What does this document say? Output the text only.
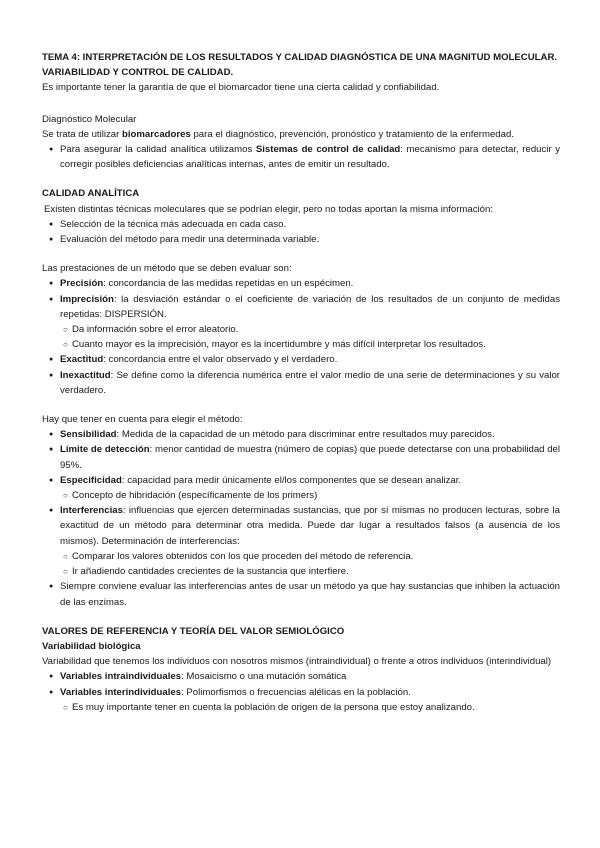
TEMA 4: INTERPRETACIÓN DE LOS RESULTADOS Y CALIDAD DIAGNÓSTICA DE UNA MAGNITUD MOLECULAR.
VARIABILIDAD Y CONTROL DE CALIDAD.

Es importante tener la garantía de que el biomarcador tiene una cierta calidad y confiabilidad.

Diagnóstico Molecular

Se trata de utilizar biomarcadores para el diagnóstico, prevención, pronóstico y tratamiento de la enfermedad.

● Para asegurar la calidad analítica utilizamos Sistemas de control de calidad: mecanismo para detectar, reducir y corregir posibles deficiencias analíticas internas, antes de emitir un resultado.

CALIDAD ANALÍTICA

Existen distintas técnicas moleculares que se podrían elegir, pero no todas aportan la misma información:

● Selección de la técnica más adecuada en cada caso.
● Evaluación del método para medir una determinada variable.

Las prestaciones de un método que se deben evaluar son:

● Precisión: concordancia de las medidas repetidas en un espécimen.
● Imprecisión: la desviación estándar o el coeficiente de variación de los resultados de un conjunto de medidas repetidas: DISPERSIÓN.
○ Da información sobre el error aleatorio.
○ Cuanto mayor es la imprecisión, mayor es la incertidumbre y más difícil interpretar los resultados.
● Exactitud: concordancia entre el valor observado y el verdadero.
● Inexactitud: Se define como la diferencia numérica entre el valor medio de una serie de determinaciones y su valor verdadero.

Hay que tener en cuenta para elegir el método:

● Sensibilidad: Medida de la capacidad de un método para discriminar entre resultados muy parecidos.
● Límite de detección: menor cantidad de muestra (número de copias) que puede detectarse con una probabilidad del 95%.
● Especificidad: capacidad para medir únicamente el/los componentes que se desean analizar.
○ Concepto de hibridación (específicamente de los primers)
● Interferencias: influencias que ejercen determinadas sustancias, que por sí mismas no producen lecturas, sobre la exactitud de un método para determinar otra medida. Puede dar lugar a resultados falsos (a ausencia de los mismos). Determinación de interferencias:
○ Comparar los valores obtenidos con los que proceden del método de referencia.
○ Ir añadiendo cantidades crecientes de la sustancia que interfiere.
● Siempre conviene evaluar las interferencias antes de usar un método ya que hay sustancias que inhiben la actuación de las enzimas.

VALORES DE REFERENCIA Y TEORÍA DEL VALOR SEMIOLÓGICO

Variabilidad biológica

Variabilidad que tenemos los individuos con nosotros mismos (intraindividual) o frente a otros individuos (interindividual)

● Variables intraindividuales: Mosaicismo o una mutación somática
● Variables interindividuales: Polimorfismos o frecuencias alélicas en la población.
○ Es muy importante tener en cuenta la población de origen de la persona que estoy analizando.
